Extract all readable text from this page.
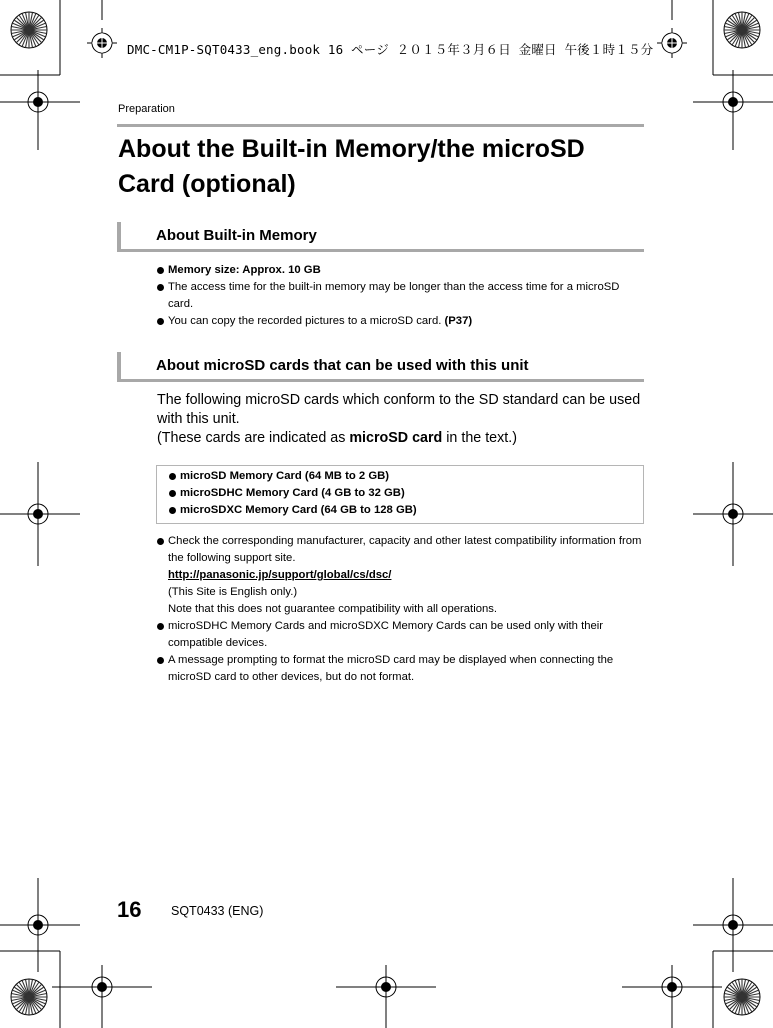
DMC-CM1P-SQT0433_eng.book 16 ページ ２０１５年３月６日 金曜日 午後１時１５分
Preparation
About the Built-in Memory/the microSD Card (optional)
About Built-in Memory
Memory size: Approx. 10 GB
The access time for the built-in memory may be longer than the access time for a microSD card.
You can copy the recorded pictures to a microSD card. (P37)
About microSD cards that can be used with this unit

The following microSD cards which conform to the SD standard can be used with this unit.

(These cards are indicated as microSD card in the text.)

microSD Memory Card (64 MB to 2 GB)
microSDHC Memory Card (4 GB to 32 GB)
microSDXC Memory Card (64 GB to 128 GB)
Check the corresponding manufacturer, capacity and other latest compatibility information from the following support site.
http://panasonic.jp/support/global/cs/dsc/
(This Site is English only.)
Note that this does not guarantee compatibility with all operations.
microSDHC Memory Cards and microSDXC Memory Cards can be used only with their compatible devices.
A message prompting to format the microSD card may be displayed when connecting the microSD card to other devices, but do not format.
16 SQT0433 (ENG)
